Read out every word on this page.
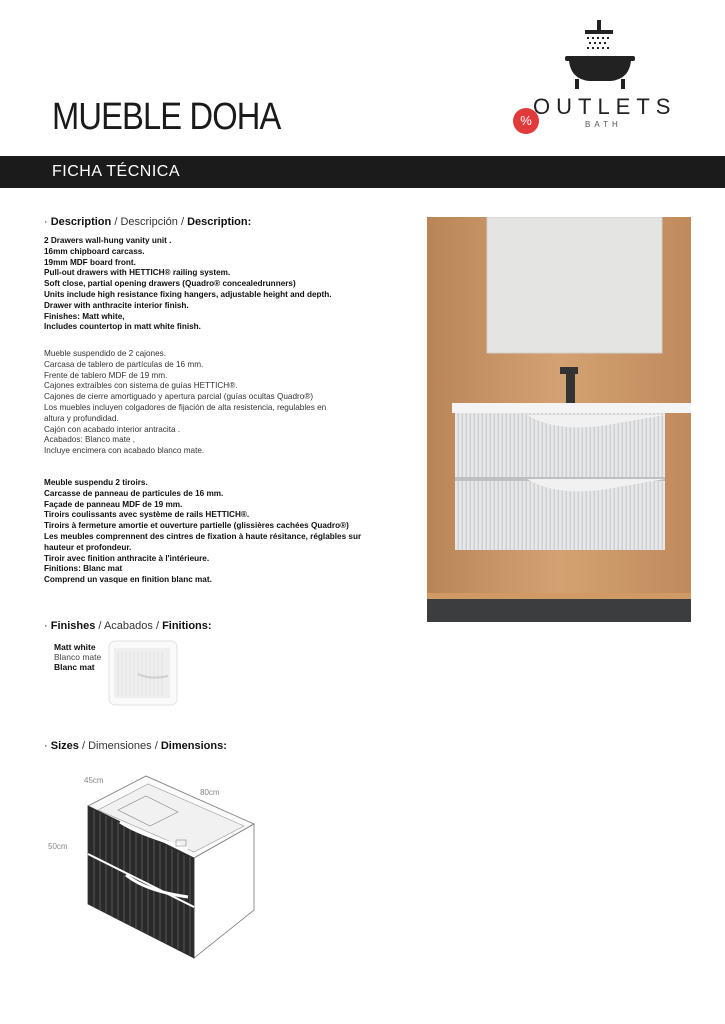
MUEBLE DOHA	%
OUTLETS
BATH
FICHA TÉCNICA
· Description / Descripción / Description:
2 Drawers wall-hung vanity unit .
16mm chipboard carcass.
19mm MDF board front.
Pull-out drawers with HETTICH® railing system.
Soft close, partial opening drawers (Quadro® concealedrunners)
Units include high resistance fixing hangers, adjustable height and depth.
Drawer with anthracite interior finish.
Finishes: Matt white,
Includes countertop in matt white finish.
Mueble suspendido de 2 cajones.
Carcasa de tablero de partículas de 16 mm.
Frente de tablero MDF de 19 mm.
Cajones extraíbles con sistema de guías HETTICH®.
Cajones de cierre amortiguado y apertura parcial (guías ocultas Quadro®)
Los muebles incluyen colgadores de fijación de alta resistencia, regulables en
altura y profundidad.
Cajón con acabado interior antracita .
Acabados: Blanco mate ,
Incluye encimera con acabado blanco mate.
Meuble suspendu 2 tiroirs.
Carcasse de panneau de particules de 16 mm.
Façade de panneau MDF de 19 mm.
Tiroirs coulissants avec système de rails HETTICH®.
Tiroirs à fermeture amortie et ouverture partielle (glissières cachées Quadro®)
Les meubles comprennent des cintres de fixation à haute résitance, réglables sur
hauteur et profondeur.
Tiroir avec finition anthracite à l'intérieure.
Finitions: Blanc mat
Comprend un vasque en finition blanc mat.
· Finishes / Acabados / Finitions:
Matt white
Blanco mate
Blanc mat
· Sizes / Dimensiones / Dimensions:
45cm
80cm
50cm
